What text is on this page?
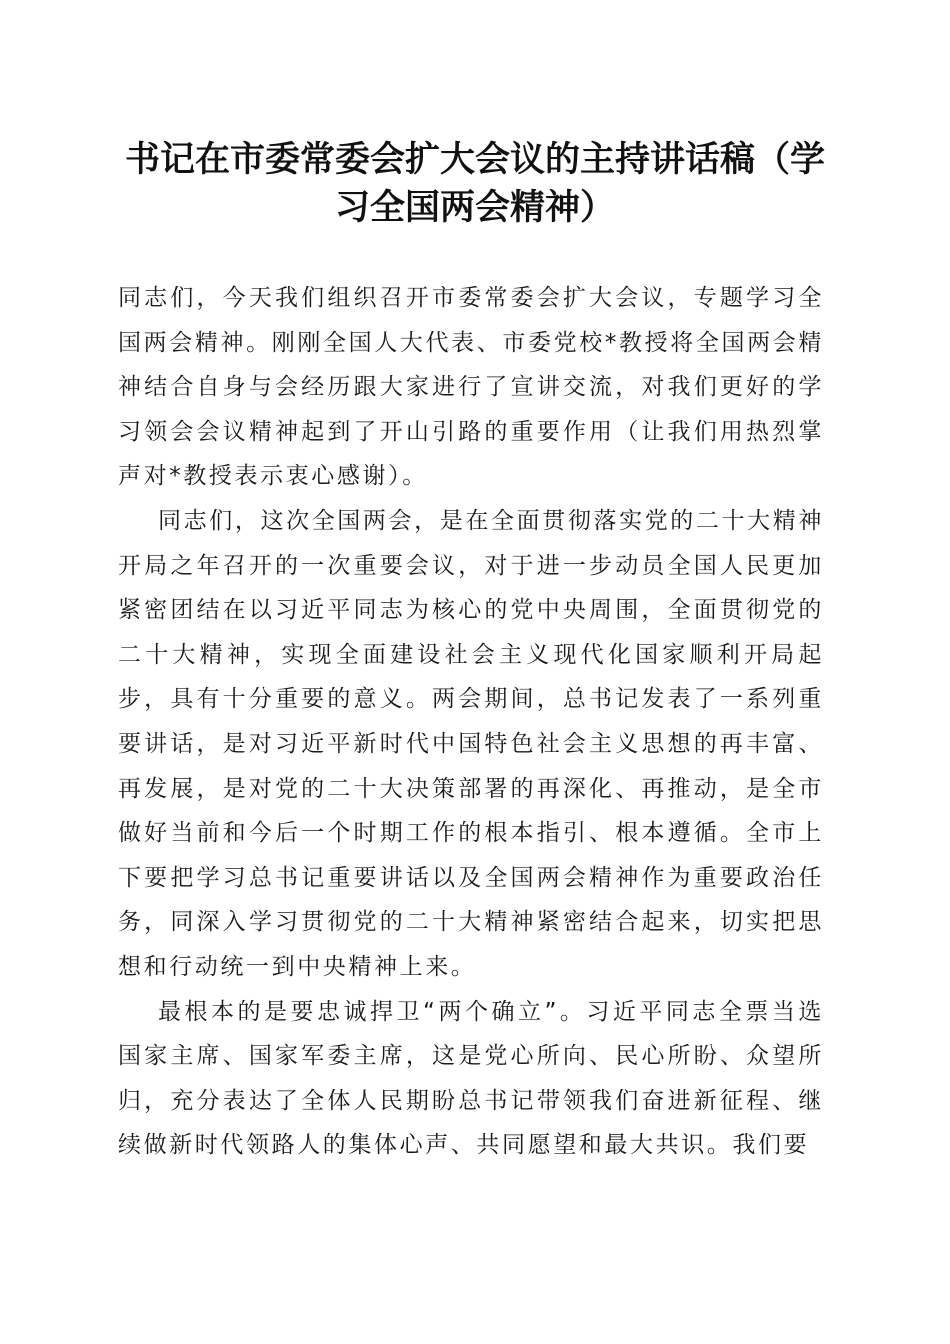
书记在市委常委会扩大会议的主持讲话稿（学习全国两会精神）

同志们，今天我们组织召开市委常委会扩大会议，专题学习全国两会精神。刚刚全国人大代表、市委党校*教授将全国两会精神结合自身与会经历跟大家进行了宣讲交流，对我们更好的学习领会会议精神起到了开山引路的重要作用（让我们用热烈掌声对*教授表示衷心感谢）。

同志们，这次全国两会，是在全面贯彻落实党的二十大精神开局之年召开的一次重要会议，对于进一步动员全国人民更加紧密团结在以习近平同志为核心的党中央周围，全面贯彻党的二十大精神，实现全面建设社会主义现代化国家顺利开局起步，具有十分重要的意义。两会期间，总书记发表了一系列重要讲话，是对习近平新时代中国特色社会主义思想的再丰富、再发展，是对党的二十大决策部署的再深化、再推动，是全市做好当前和今后一个时期工作的根本指引、根本遵循。全市上下要把学习总书记重要讲话以及全国两会精神作为重要政治任务，同深入学习贯彻党的二十大精神紧密结合起来，切实把思想和行动统一到中央精神上来。

最根本的是要忠诚捍卫“两个确立”。习近平同志全票当选国家主席、国家军委主席，这是党心所向、民心所盼、众望所归，充分表达了全体人民期盼总书记带领我们奋进新征程、继续做新时代领路人的集体心声、共同愿望和最大共识。我们要
